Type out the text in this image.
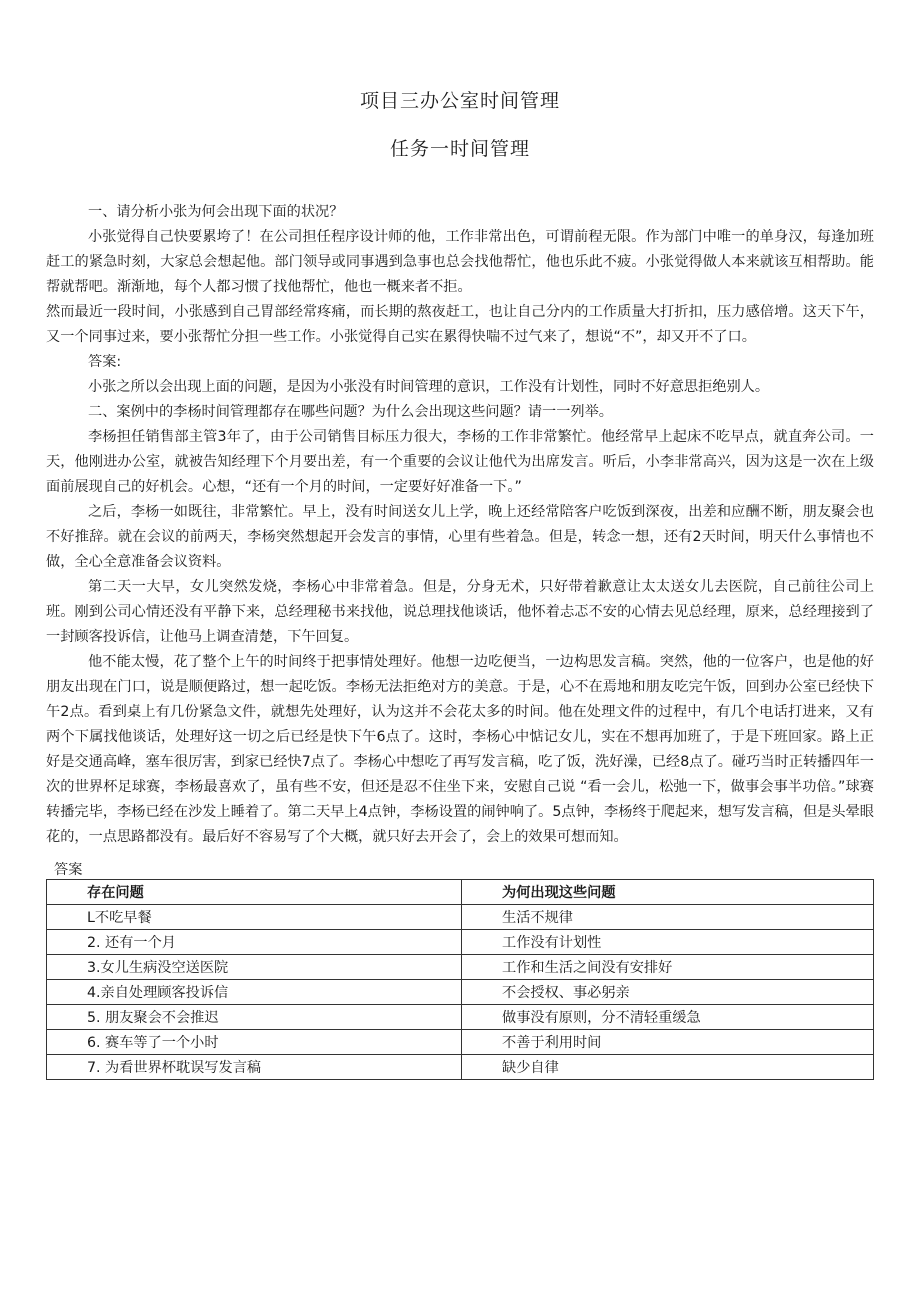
项目三办公室时间管理
任务一时间管理

一、请分析小张为何会出现下面的状况？

小张觉得自己快要累垮了！在公司担任程序设计师的他，工作非常出色，可谓前程无限。作为部门中唯一的单身汉，每逢加班赶工的紧急时刻，大家总会想起他。部门领导或同事遇到急事也总会找他帮忙，他也乐此不疲。小张觉得做人本来就该互相帮助。能帮就帮吧。渐渐地，每个人都习惯了找他帮忙，他也一概来者不拒。

然而最近一段时间，小张感到自己胃部经常疼痛，而长期的熬夜赶工，也让自己分内的工作质量大打折扣，压力感倍增。这天下午，又一个同事过来，要小张帮忙分担一些工作。小张觉得自己实在累得快喘不过气来了，想说“不”，却又开不了口。

答案:

小张之所以会出现上面的问题，是因为小张没有时间管理的意识，工作没有计划性，同时不好意思拒绝别人。

二、案例中的李杨时间管理都存在哪些问题？为什么会出现这些问题？请一一列举。

李杨担任销售部主管3年了，由于公司销售目标压力很大，李杨的工作非常繁忙。他经常早上起床不吃早点，就直奔公司。一天，他刚进办公室，就被告知经理下个月要出差，有一个重要的会议让他代为出席发言。听后，小李非常高兴，因为这是一次在上级面前展现自己的好机会。心想，“还有一个月的时间，一定要好好准备一下。”

之后，李杨一如既往，非常繁忙。早上，没有时间送女儿上学，晚上还经常陪客户吃饭到深夜，出差和应酬不断，朋友聚会也不好推辞。就在会议的前两天，李杨突然想起开会发言的事情，心里有些着急。但是，转念一想，还有2天时间，明天什么事情也不做，全心全意准备会议资料。

第二天一大早，女儿突然发烧，李杨心中非常着急。但是，分身无术，只好带着歉意让太太送女儿去医院，自己前往公司上班。刚到公司心情还没有平静下来，总经理秘书来找他，说总理找他谈话，他怀着忐忑不安的心情去见总经理，原来，总经理接到了一封顾客投诉信，让他马上调查清楚，下午回复。

他不能太慢，花了整个上午的时间终于把事情处理好。他想一边吃便当，一边构思发言稿。突然，他的一位客户，也是他的好朋友出现在门口，说是顺便路过，想一起吃饭。李杨无法拒绝对方的美意。于是，心不在焉地和朋友吃完午饭，回到办公室已经快下午2点。看到桌上有几份紧急文件，就想先处理好，认为这并不会花太多的时间。他在处理文件的过程中，有几个电话打进来，又有两个下属找他谈话，处理好这一切之后已经是快下午6点了。这时，李杨心中惦记女儿，实在不想再加班了，于是下班回家。路上正好是交通高峰，塞车很厉害，到家已经快7点了。李杨心中想吃了再写发言稿，吃了饭，洗好澡，已经8点了。碰巧当时正转播四年一次的世界杯足球赛，李杨最喜欢了，虽有些不安，但还是忍不住坐下来，安慰自己说 “看一会儿，松弛一下，做事会事半功倍。”球赛转播完毕，李杨已经在沙发上睡着了。第二天早上4点钟，李杨设置的闹钟响了。5点钟，李杨终于爬起来，想写发言稿，但是头晕眼花的，一点思路都没有。最后好不容易写了个大概，就只好去开会了，会上的效果可想而知。

答案
存在问题	为何出现这些问题
L不吃早餐	生活不规律
2. 还有一个月	工作没有计划性
3.女儿生病没空送医院	工作和生活之间没有安排好
4.亲自处理顾客投诉信	不会授权、事必躬亲
5. 朋友聚会不会推迟	做事没有原则，分不清轻重缓急
6. 赛车等了一个小时	不善于利用时间
7. 为看世界杯耽误写发言稿	缺少自律
